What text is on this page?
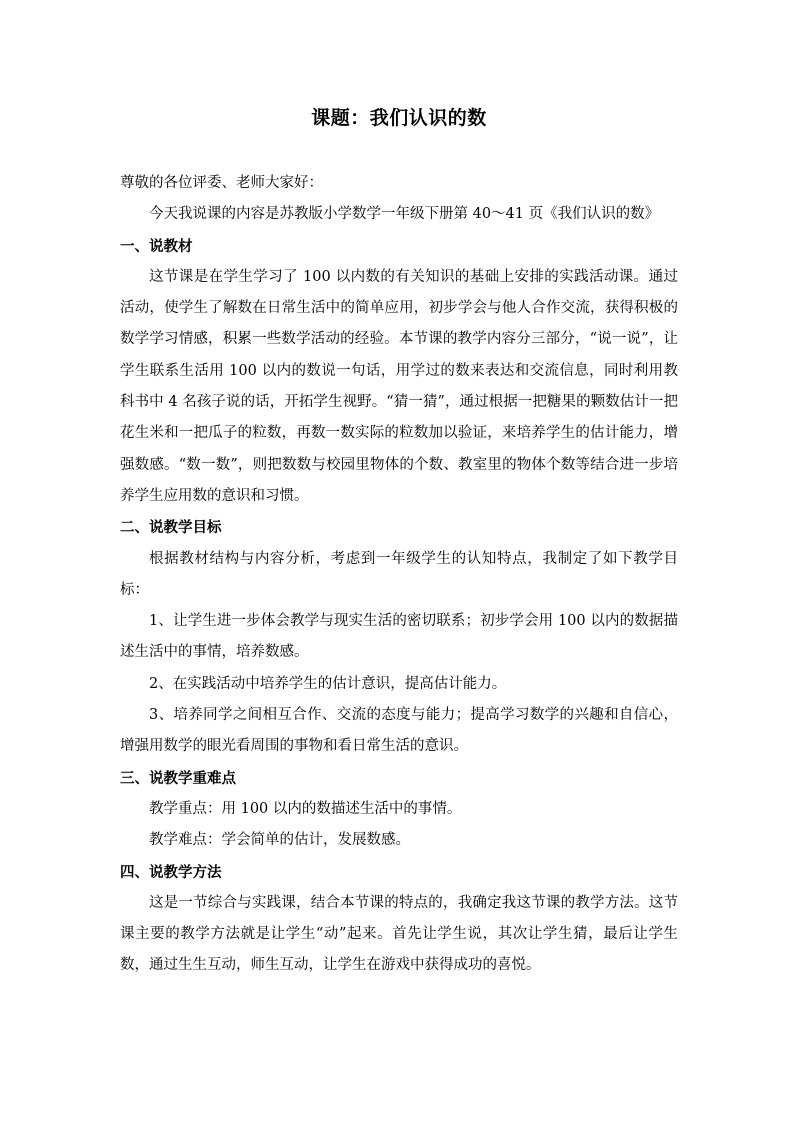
课题：我们认识的数

尊敬的各位评委、老师大家好：

今天我说课的内容是苏教版小学数学一年级下册第 40～41 页《我们认识的数》

一、说教材

这节课是在学生学习了 100 以内数的有关知识的基础上安排的实践活动课。通过活动，使学生了解数在日常生活中的简单应用，初步学会与他人合作交流，获得积极的数学学习情感，积累一些数学活动的经验。本节课的教学内容分三部分，“说一说”，让学生联系生活用 100 以内的数说一句话，用学过的数来表达和交流信息，同时利用教科书中 4 名孩子说的话，开拓学生视野。“猜一猜”，通过根据一把糖果的颗数估计一把花生米和一把瓜子的粒数，再数一数实际的粒数加以验证，来培养学生的估计能力，增强数感。“数一数”，则把数数与校园里物体的个数、教室里的物体个数等结合进一步培养学生应用数的意识和习惯。

二、说教学目标

根据教材结构与内容分析，考虑到一年级学生的认知特点，我制定了如下教学目标：

1、让学生进一步体会教学与现实生活的密切联系；初步学会用 100 以内的数据描述生活中的事情，培养数感。

2、在实践活动中培养学生的估计意识，提高估计能力。

3、培养同学之间相互合作、交流的态度与能力；提高学习数学的兴趣和自信心，增强用数学的眼光看周围的事物和看日常生活的意识。

三、说教学重难点

教学重点：用 100 以内的数描述生活中的事情。

教学难点：学会简单的估计，发展数感。

四、说教学方法

这是一节综合与实践课，结合本节课的特点的，我确定我这节课的教学方法。这节课主要的教学方法就是让学生“动”起来。首先让学生说，其次让学生猜，最后让学生数，通过生生互动，师生互动，让学生在游戏中获得成功的喜悦。
